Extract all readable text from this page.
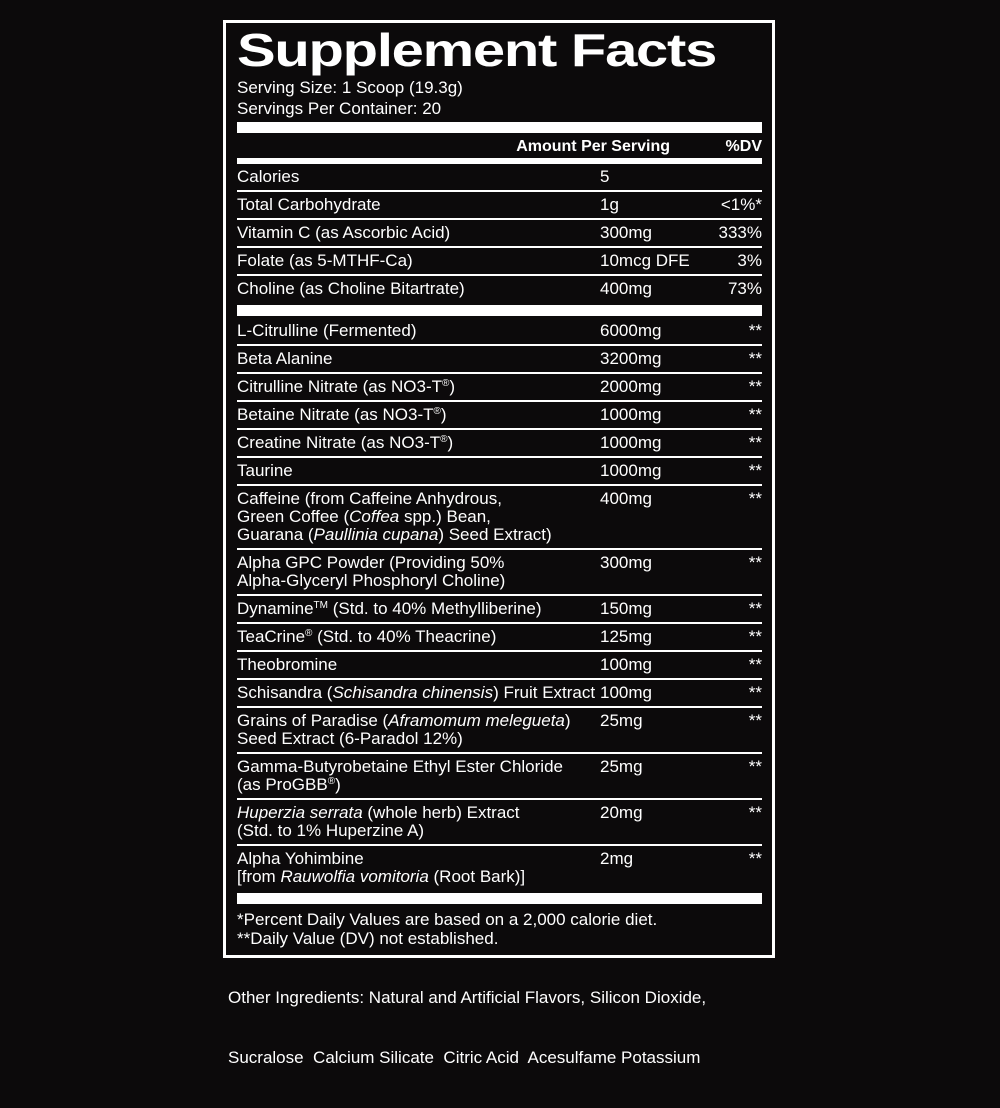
Supplement Facts
Serving Size: 1 Scoop (19.3g)
Servings Per Container: 20
Amount Per Serving	%DV
Calories	5
Total Carbohydrate	1g	<1%*
Vitamin C (as Ascorbic Acid)	300mg	333%
Folate (as 5-MTHF-Ca)	10mcg DFE	3%
Choline (as Choline Bitartrate)	400mg	73%
L-Citrulline (Fermented)	6000mg	**
Beta Alanine	3200mg	**
Citrulline Nitrate (as NO3-T®)	2000mg	**
Betaine Nitrate (as NO3-T®)	1000mg	**
Creatine Nitrate (as NO3-T®)	1000mg	**
Taurine	1000mg	**
Caffeine (from Caffeine Anhydrous,
Green Coffee (Coffea spp.) Bean,
Guarana (Paullinia cupana) Seed Extract)
400mg	**
Alpha GPC Powder (Providing 50%
Alpha-Glyceryl Phosphoryl Choline)
300mg	**
Dynamine™ (Std. to 40% Methylliberine)	150mg	**
TeaCrine® (Std. to 40% Theacrine)	125mg	**
Theobromine	100mg	**
Schisandra (Schisandra chinensis) Fruit Extract 100mg	**
Grains of Paradise (Aframomum melegueta)
Seed Extract (6-Paradol 12%)
25mg	**
Gamma-Butyrobetaine Ethyl Ester Chloride
(as ProGBB®)
25mg	**
Huperzia serrata (whole herb) Extract
(Std. to 1% Huperzine A)
20mg	**
Alpha Yohimbine
[from Rauwolfia vomitoria (Root Bark)]
2mg	**
*Percent Daily Values are based on a 2,000 calorie diet.
**Daily Value (DV) not established.

Other Ingredients: Natural and Artificial Flavors, Silicon Dioxide,

Sucralose  Calcium Silicate  Citric Acid  Acesulfame Potassium
